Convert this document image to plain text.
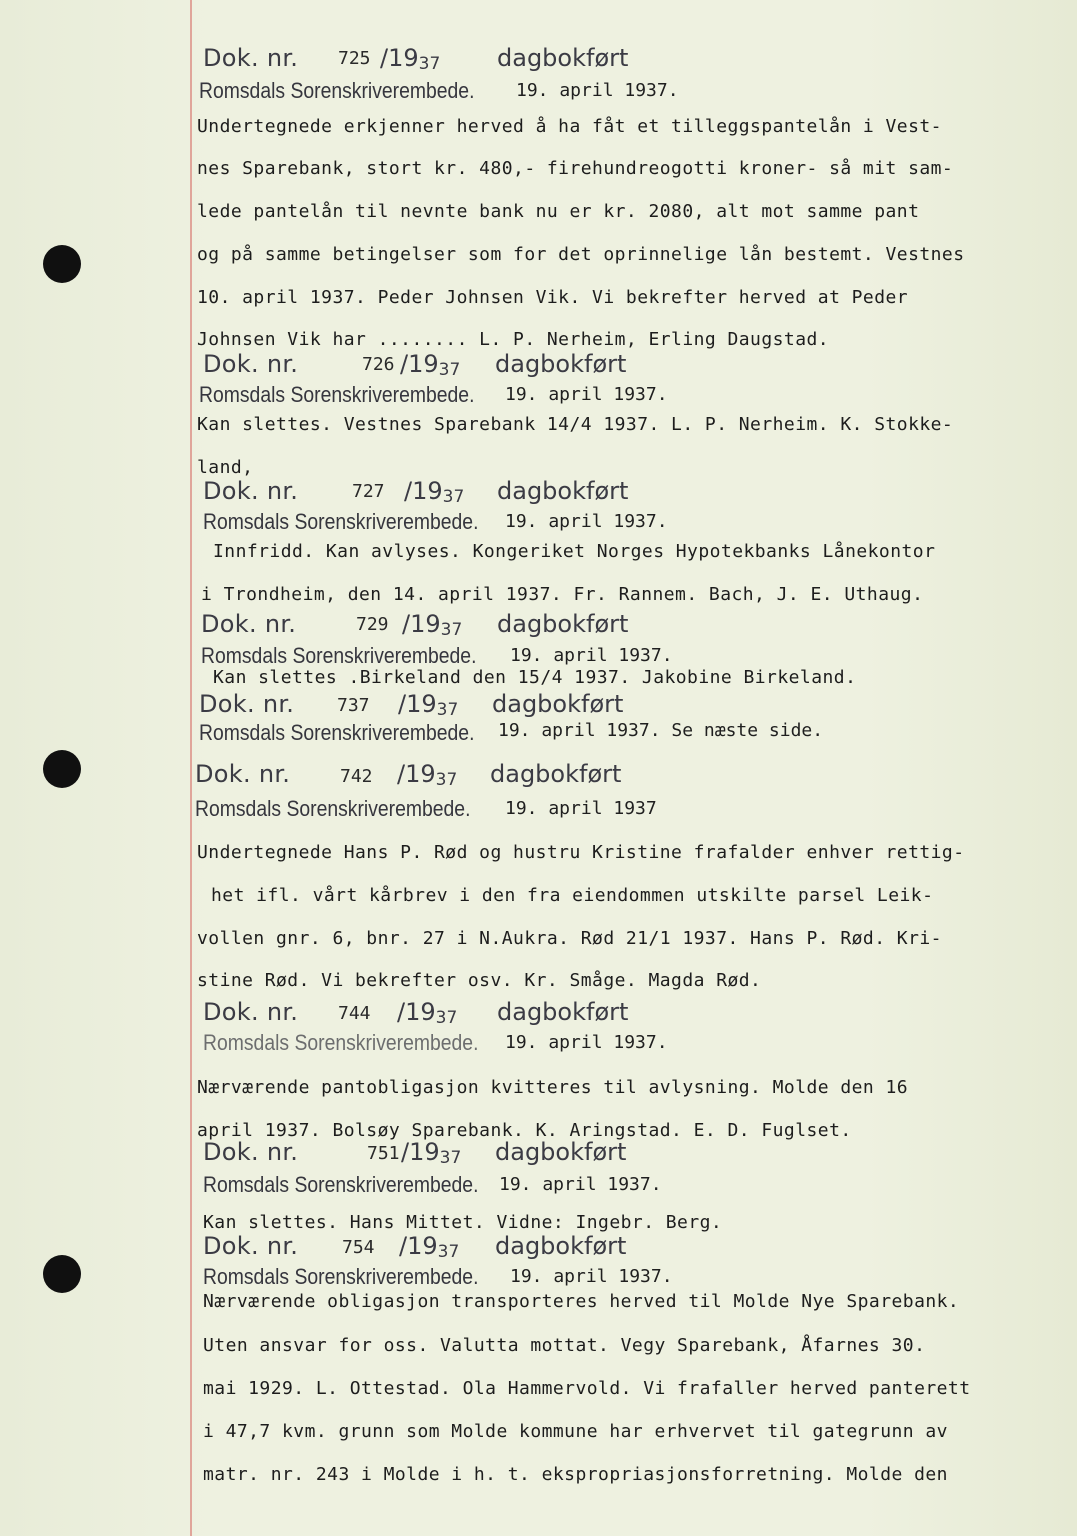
Dok. nr. 725 /1937 dagbokført
Romsdals Sorenskriverembede. 19. april 1937.
Undertegnede erkjenner herved å ha fåt et tilleggspantelån i Vest-
nes Sparebank, stort kr. 480,- firehundreogotti kroner- så mit sam-
lede pantelån til nevnte bank nu er kr. 2080, alt mot samme pant
og på samme betingelser som for det oprinnelige lån bestemt. Vestnes
10. april 1937. Peder Johnsen Vik. Vi bekrefter herved at Peder
Johnsen Vik har ........ L. P. Nerheim, Erling Daugstad.
Dok. nr.	726 /1937 dagbokført
Romsdals Sorenskriverembede. 19. april 1937.
Kan slettes. Vestnes Sparebank 14/4 1937. L. P. Nerheim. K. Stokke-
land,
Dok. nr.	727 /1937 dagbokført
Romsdals Sorenskriverembede. 19. april 1937.
Innfridd. Kan avlyses. Kongeriket Norges Hypotekbanks Lånekontor
i Trondheim, den 14. april 1937. Fr. Rannem. Bach, J. E. Uthaug.
Dok. nr.	729 /1937 dagbokført
Romsdals Sorenskriverembede. 19. april 1937.
Kan slettes .Birkeland den 15/4 1937. Jakobine Birkeland.
Dok. nr. 737 /1937 dagbokført
Romsdals Sorenskriverembede. 19. april 1937. Se næste side.
Dok. nr.	742 /1937 dagbokført
Romsdals Sorenskriverembede. 19. april 1937
Undertegnede Hans P. Rød og hustru Kristine frafalder enhver rettig-
het ifl. vårt kårbrev i den fra eiendommen utskilte parsel Leik-
vollen gnr. 6, bnr. 27 i N.Aukra. Rød 21/1 1937. Hans P. Rød. Kri-
stine Rød. Vi bekrefter osv. Kr. Småge. Magda Rød.
Dok. nr. 744 /1937 dagbokført
Romsdals Sorenskriverembede. 19. april 1937.
Nærværende pantobligasjon kvitteres til avlysning. Molde den 16
april 1937. Bolsøy Sparebank. K. Aringstad. E. D. Fuglset.
Dok. nr.	751 /1937 dagbokført
Romsdals Sorenskriverembede. 19. april 1937.
Kan slettes. Hans Mittet. Vidne: Ingebr. Berg.
Dok. nr. 754 /1937 dagbokført
Romsdals Sorenskriverembede. 19. april 1937.
Nærværende obligasjon transporteres herved til Molde Nye Sparebank.
Uten ansvar for oss. Valutta mottat. Vegy Sparebank, Åfarnes 30.
mai 1929. L. Ottestad. Ola Hammervold. Vi frafaller herved panterett
i 47,7 kvm. grunn som Molde kommune har erhvervet til gategrunn av
matr. nr. 243 i Molde i h. t. ekspropriasjonsforretning. Molde den
